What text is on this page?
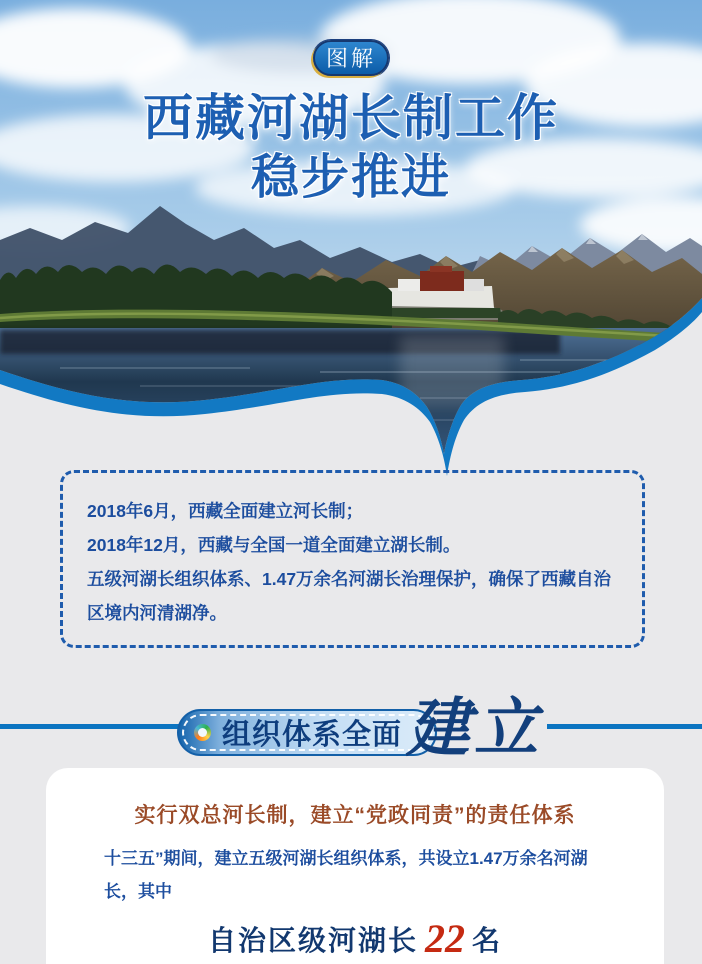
图解
西藏河湖长制工作
稳步推进

2018年6月，西藏全面建立河长制；

2018年12月，西藏与全国一道全面建立湖长制。

五级河湖长组织体系、1.47万余名河湖长治理保护，确保了西藏自治区境内河清湖净。

组织体系全面 建立
实行双总河长制，建立“党政同责”的责任体系
十三五”期间，建立五级河湖长组织体系，共设立1.47万余名河湖长，其中
自治区级河湖长 22 名
